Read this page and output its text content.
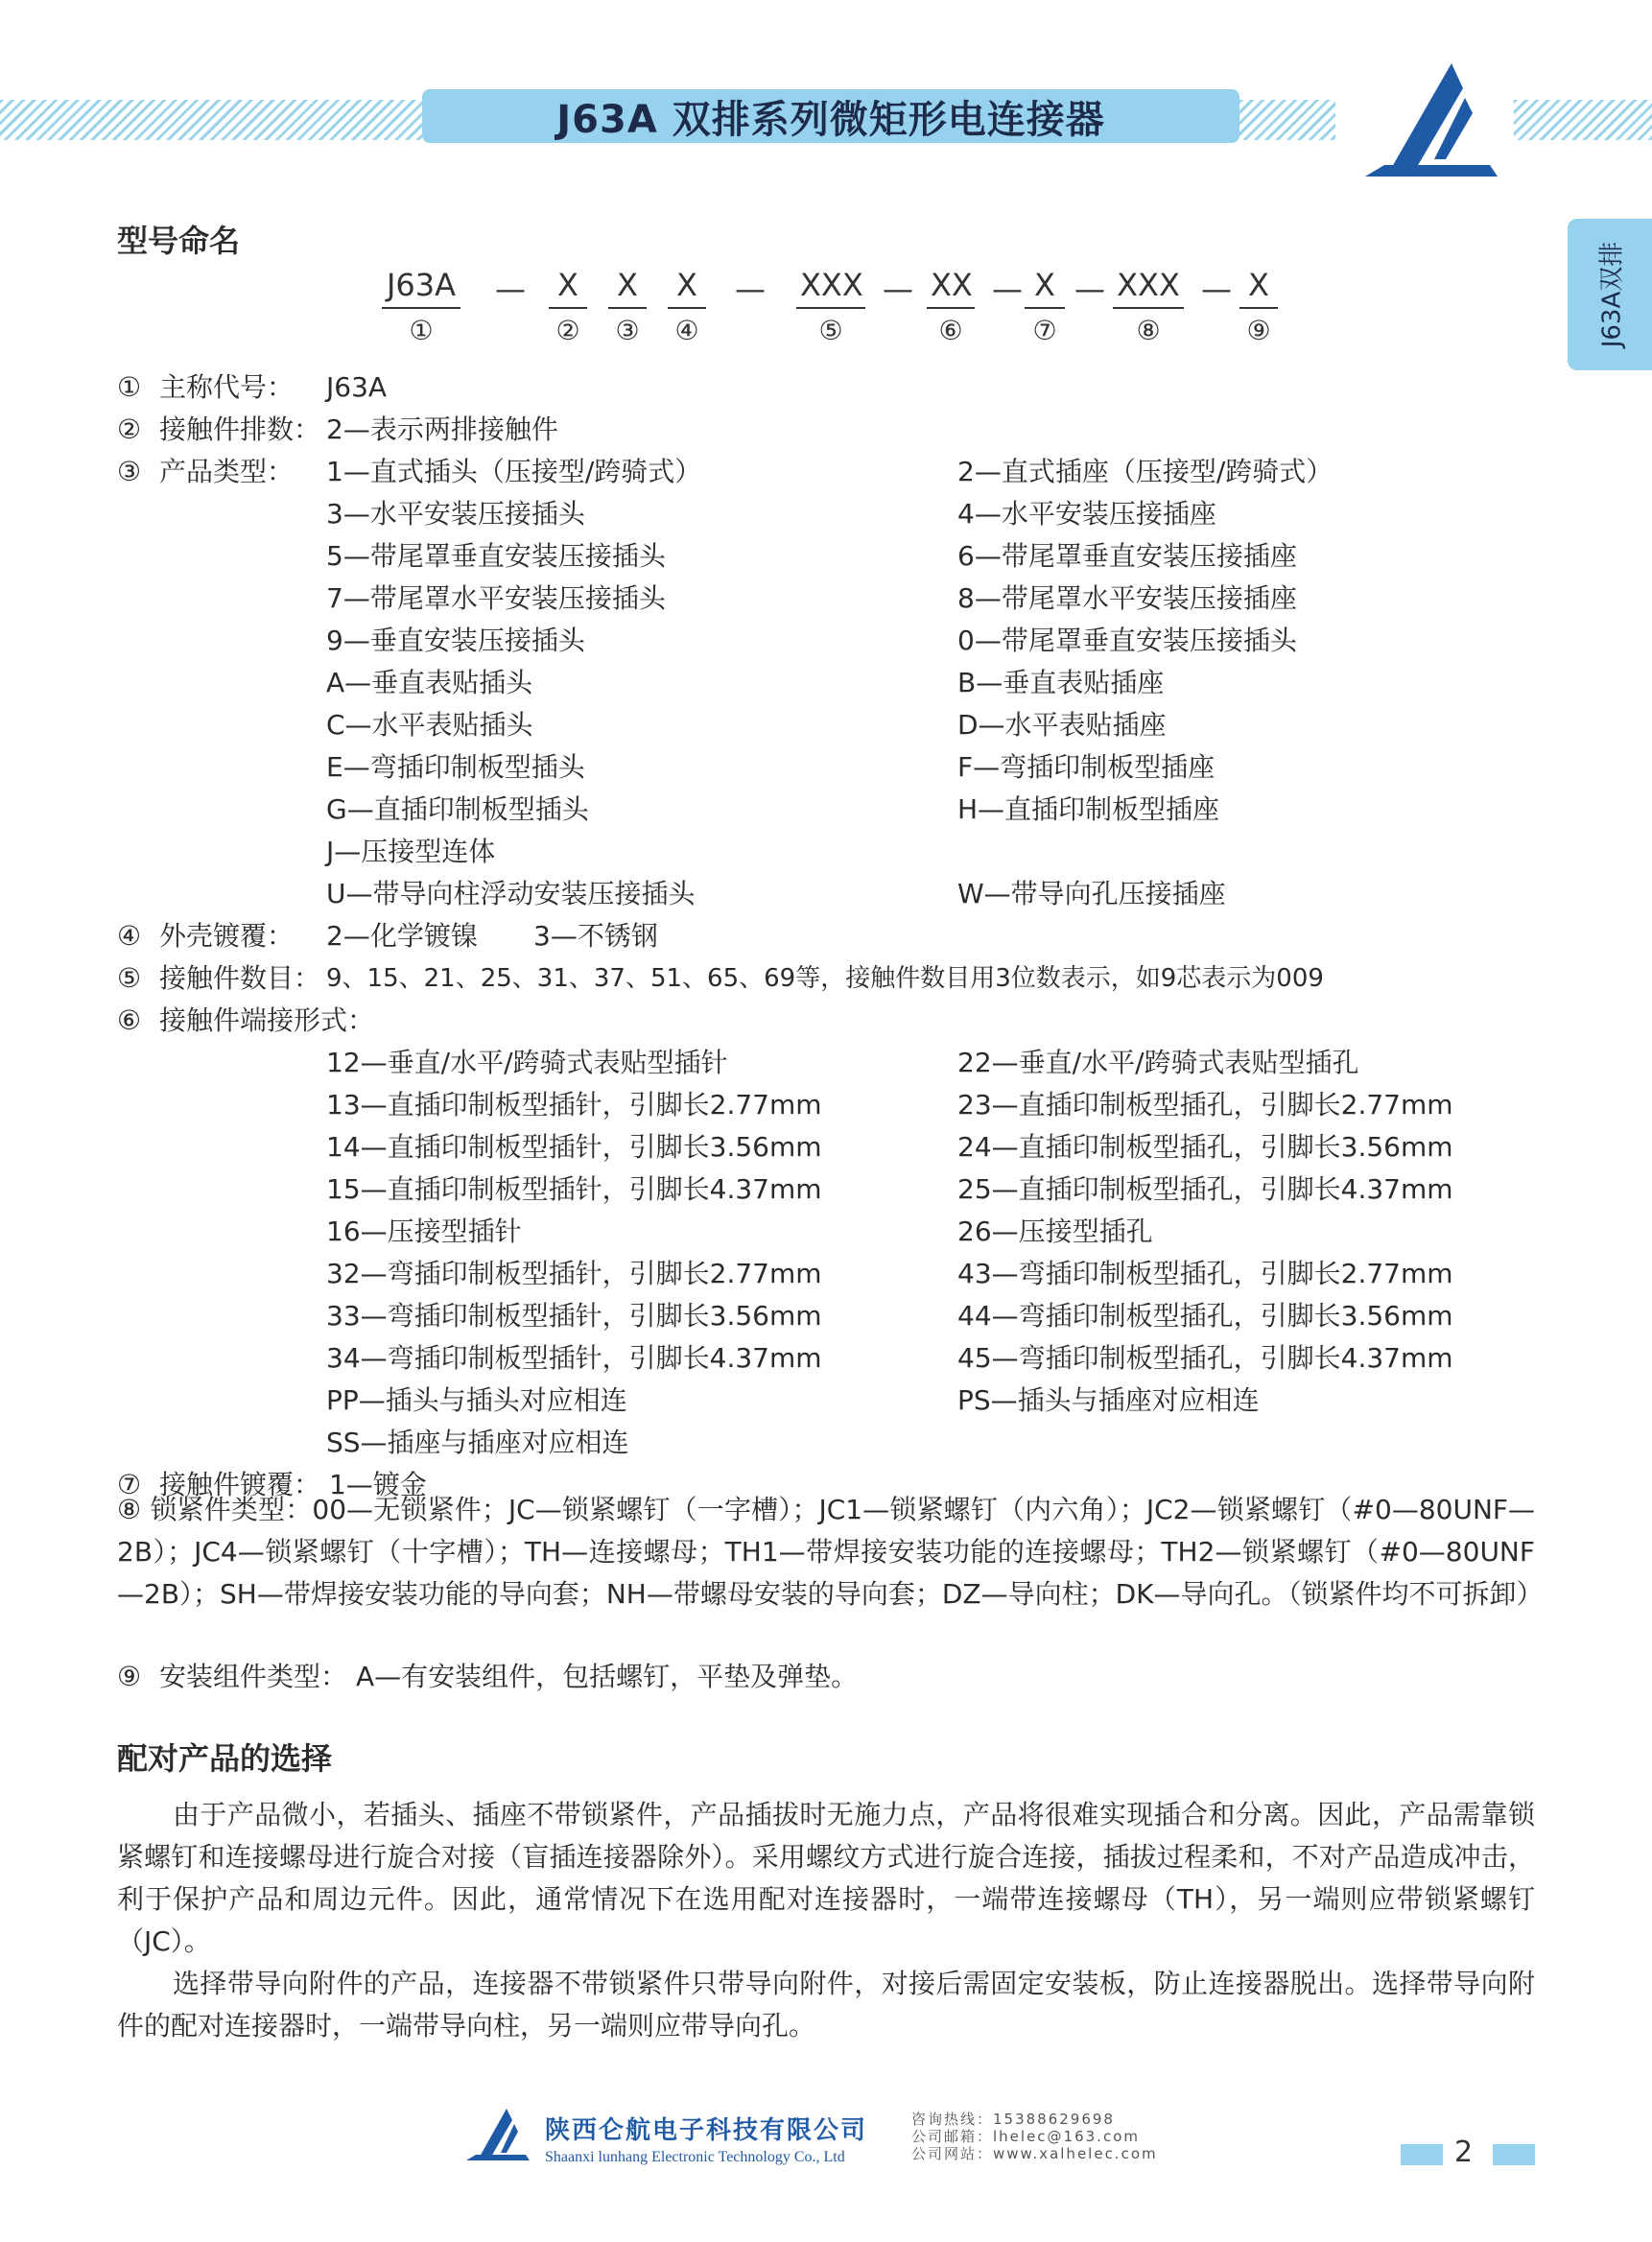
J63A 双排系列微矩形电连接器
J63A双排
型号命名
J63A
①
— X
②
X
③
X
④
— XXX
⑤
— XX
⑥
— X
⑦
— XXX
⑧
— X
⑨
① 主称代号： J63A
② 接触件排数： 2—表示两排接触件
③ 产品类型： 1—直式插头（压接型/跨骑式）
3—水平安装压接插头
5—带尾罩垂直安装压接插头
7—带尾罩水平安装压接插头
9—垂直安装压接插头
A—垂直表贴插头
C—水平表贴插头
E—弯插印制板型插头
G—直插印制板型插头
J—压接型连体
U—带导向柱浮动安装压接插头
2—直式插座（压接型/跨骑式）
4—水平安装压接插座
6—带尾罩垂直安装压接插座
8—带尾罩水平安装压接插座
0—带尾罩垂直安装压接插头
B—垂直表贴插座
D—水平表贴插座
F—弯插印制板型插座
H—直插印制板型插座
W—带导向孔压接插座
④ 外壳镀覆： 2—化学镀镍 3—不锈钢
⑤ 接触件数目： 9、15、21、25、31、37、51、65、69等，接触件数目用3位数表示，如9芯表示为009
⑥ 接触件端接形式：
12—垂直/水平/跨骑式表贴型插针
13—直插印制板型插针，引脚长2.77mm
14—直插印制板型插针，引脚长3.56mm
15—直插印制板型插针，引脚长4.37mm
16—压接型插针
32—弯插印制板型插针，引脚长2.77mm
33—弯插印制板型插针，引脚长3.56mm
34—弯插印制板型插针，引脚长4.37mm
PP—插头与插头对应相连
SS—插座与插座对应相连
22—垂直/水平/跨骑式表贴型插孔
23—直插印制板型插孔，引脚长2.77mm
24—直插印制板型插孔，引脚长3.56mm
25—直插印制板型插孔，引脚长4.37mm
26—压接型插孔
43—弯插印制板型插孔，引脚长2.77mm
44—弯插印制板型插孔，引脚长3.56mm
45—弯插印制板型插孔，引脚长4.37mm
PS—插头与插座对应相连
⑦ 接触件镀覆： 1—镀金
⑧ 锁紧件类型：00—无锁紧件；JC—锁紧螺钉（一字槽）；JC1—锁紧螺钉（内六角）；JC2—锁紧螺钉（#0—80UNF—2B）；JC4—锁紧螺钉（十字槽）；TH—连接螺母；TH1—带焊接安装功能的连接螺母；TH2—锁紧螺钉（#0—80UNF—2B）；SH—带焊接安装功能的导向套；NH—带螺母安装的导向套；DZ—导向柱；DK—导向孔。（锁紧件均不可拆卸）
⑨ 安装组件类型： A—有安装组件，包括螺钉，平垫及弹垫。
配对产品的选择

由于产品微小，若插头、插座不带锁紧件，产品插拔时无施力点，产品将很难实现插合和分离。因此，产品需靠锁紧螺钉和连接螺母进行旋合对接（盲插连接器除外）。采用螺纹方式进行旋合连接，插拔过程柔和，不对产品造成冲击，利于保护产品和周边元件。因此，通常情况下在选用配对连接器时，一端带连接螺母（TH），另一端则应带锁紧螺钉（JC）。

选择带导向附件的产品，连接器不带锁紧件只带导向附件，对接后需固定安装板，防止连接器脱出。选择带导向附件的配对连接器时，一端带导向柱，另一端则应带导向孔。

陕西仑航电子科技有限公司
Shaanxi lunhang Electronic Technology Co., Ltd
咨询热线：15388629698
公司邮箱：lhelec@163.com
公司网站：www.xalhelec.com	2
